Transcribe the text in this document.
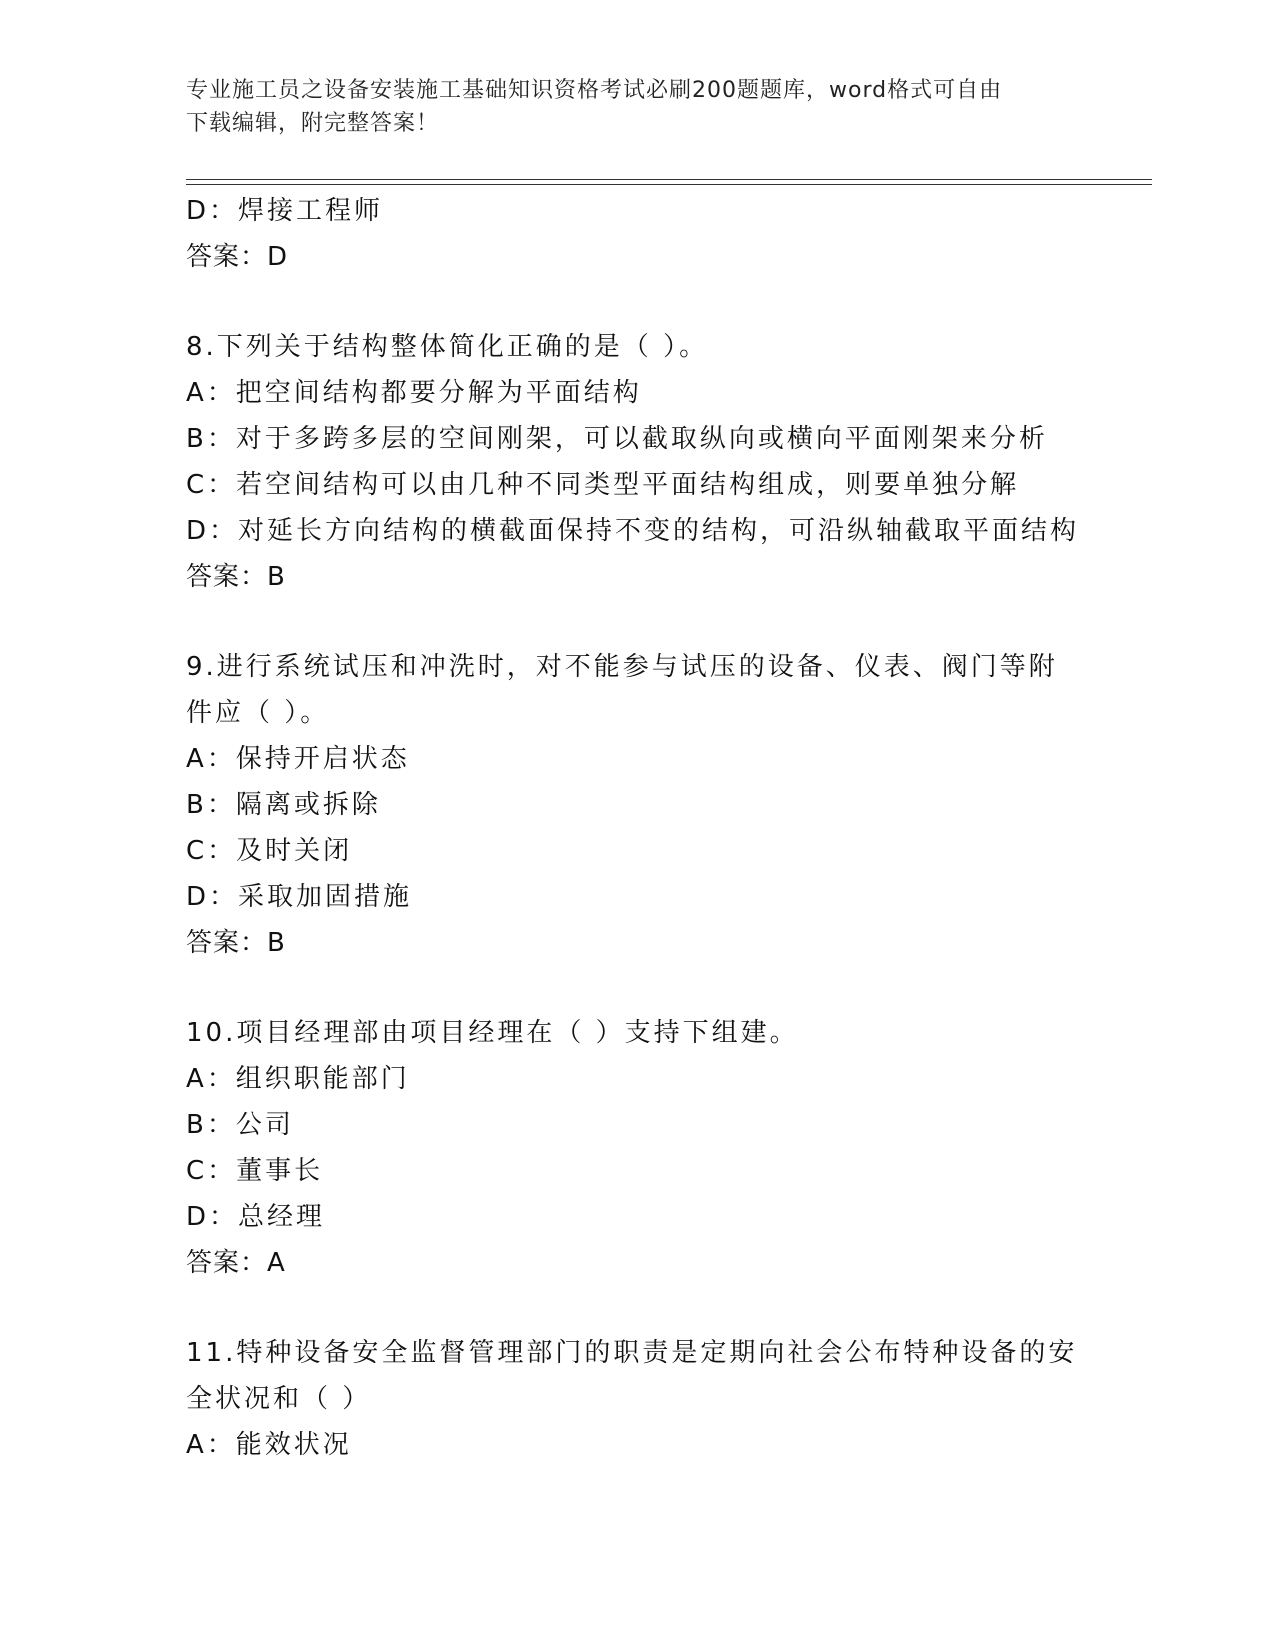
专业施工员之设备安装施工基础知识资格考试必刷200题题库，word格式可自由
下载编辑，附完整答案！
D：焊接工程师
答案：D
8.下列关于结构整体简化正确的是（ ）。
A：把空间结构都要分解为平面结构
B：对于多跨多层的空间刚架，可以截取纵向或横向平面刚架来分析
C：若空间结构可以由几种不同类型平面结构组成，则要单独分解
D：对延长方向结构的横截面保持不变的结构，可沿纵轴截取平面结构
答案：B
9.进行系统试压和冲洗时，对不能参与试压的设备、仪表、阀门等附
件应（ ）。
A：保持开启状态
B：隔离或拆除
C：及时关闭
D：采取加固措施
答案：B
10.项目经理部由项目经理在（ ）支持下组建。
A：组织职能部门
B：公司
C：董事长
D：总经理
答案：A
11.特种设备安全监督管理部门的职责是定期向社会公布特种设备的安
全状况和（ ）
A：能效状况
